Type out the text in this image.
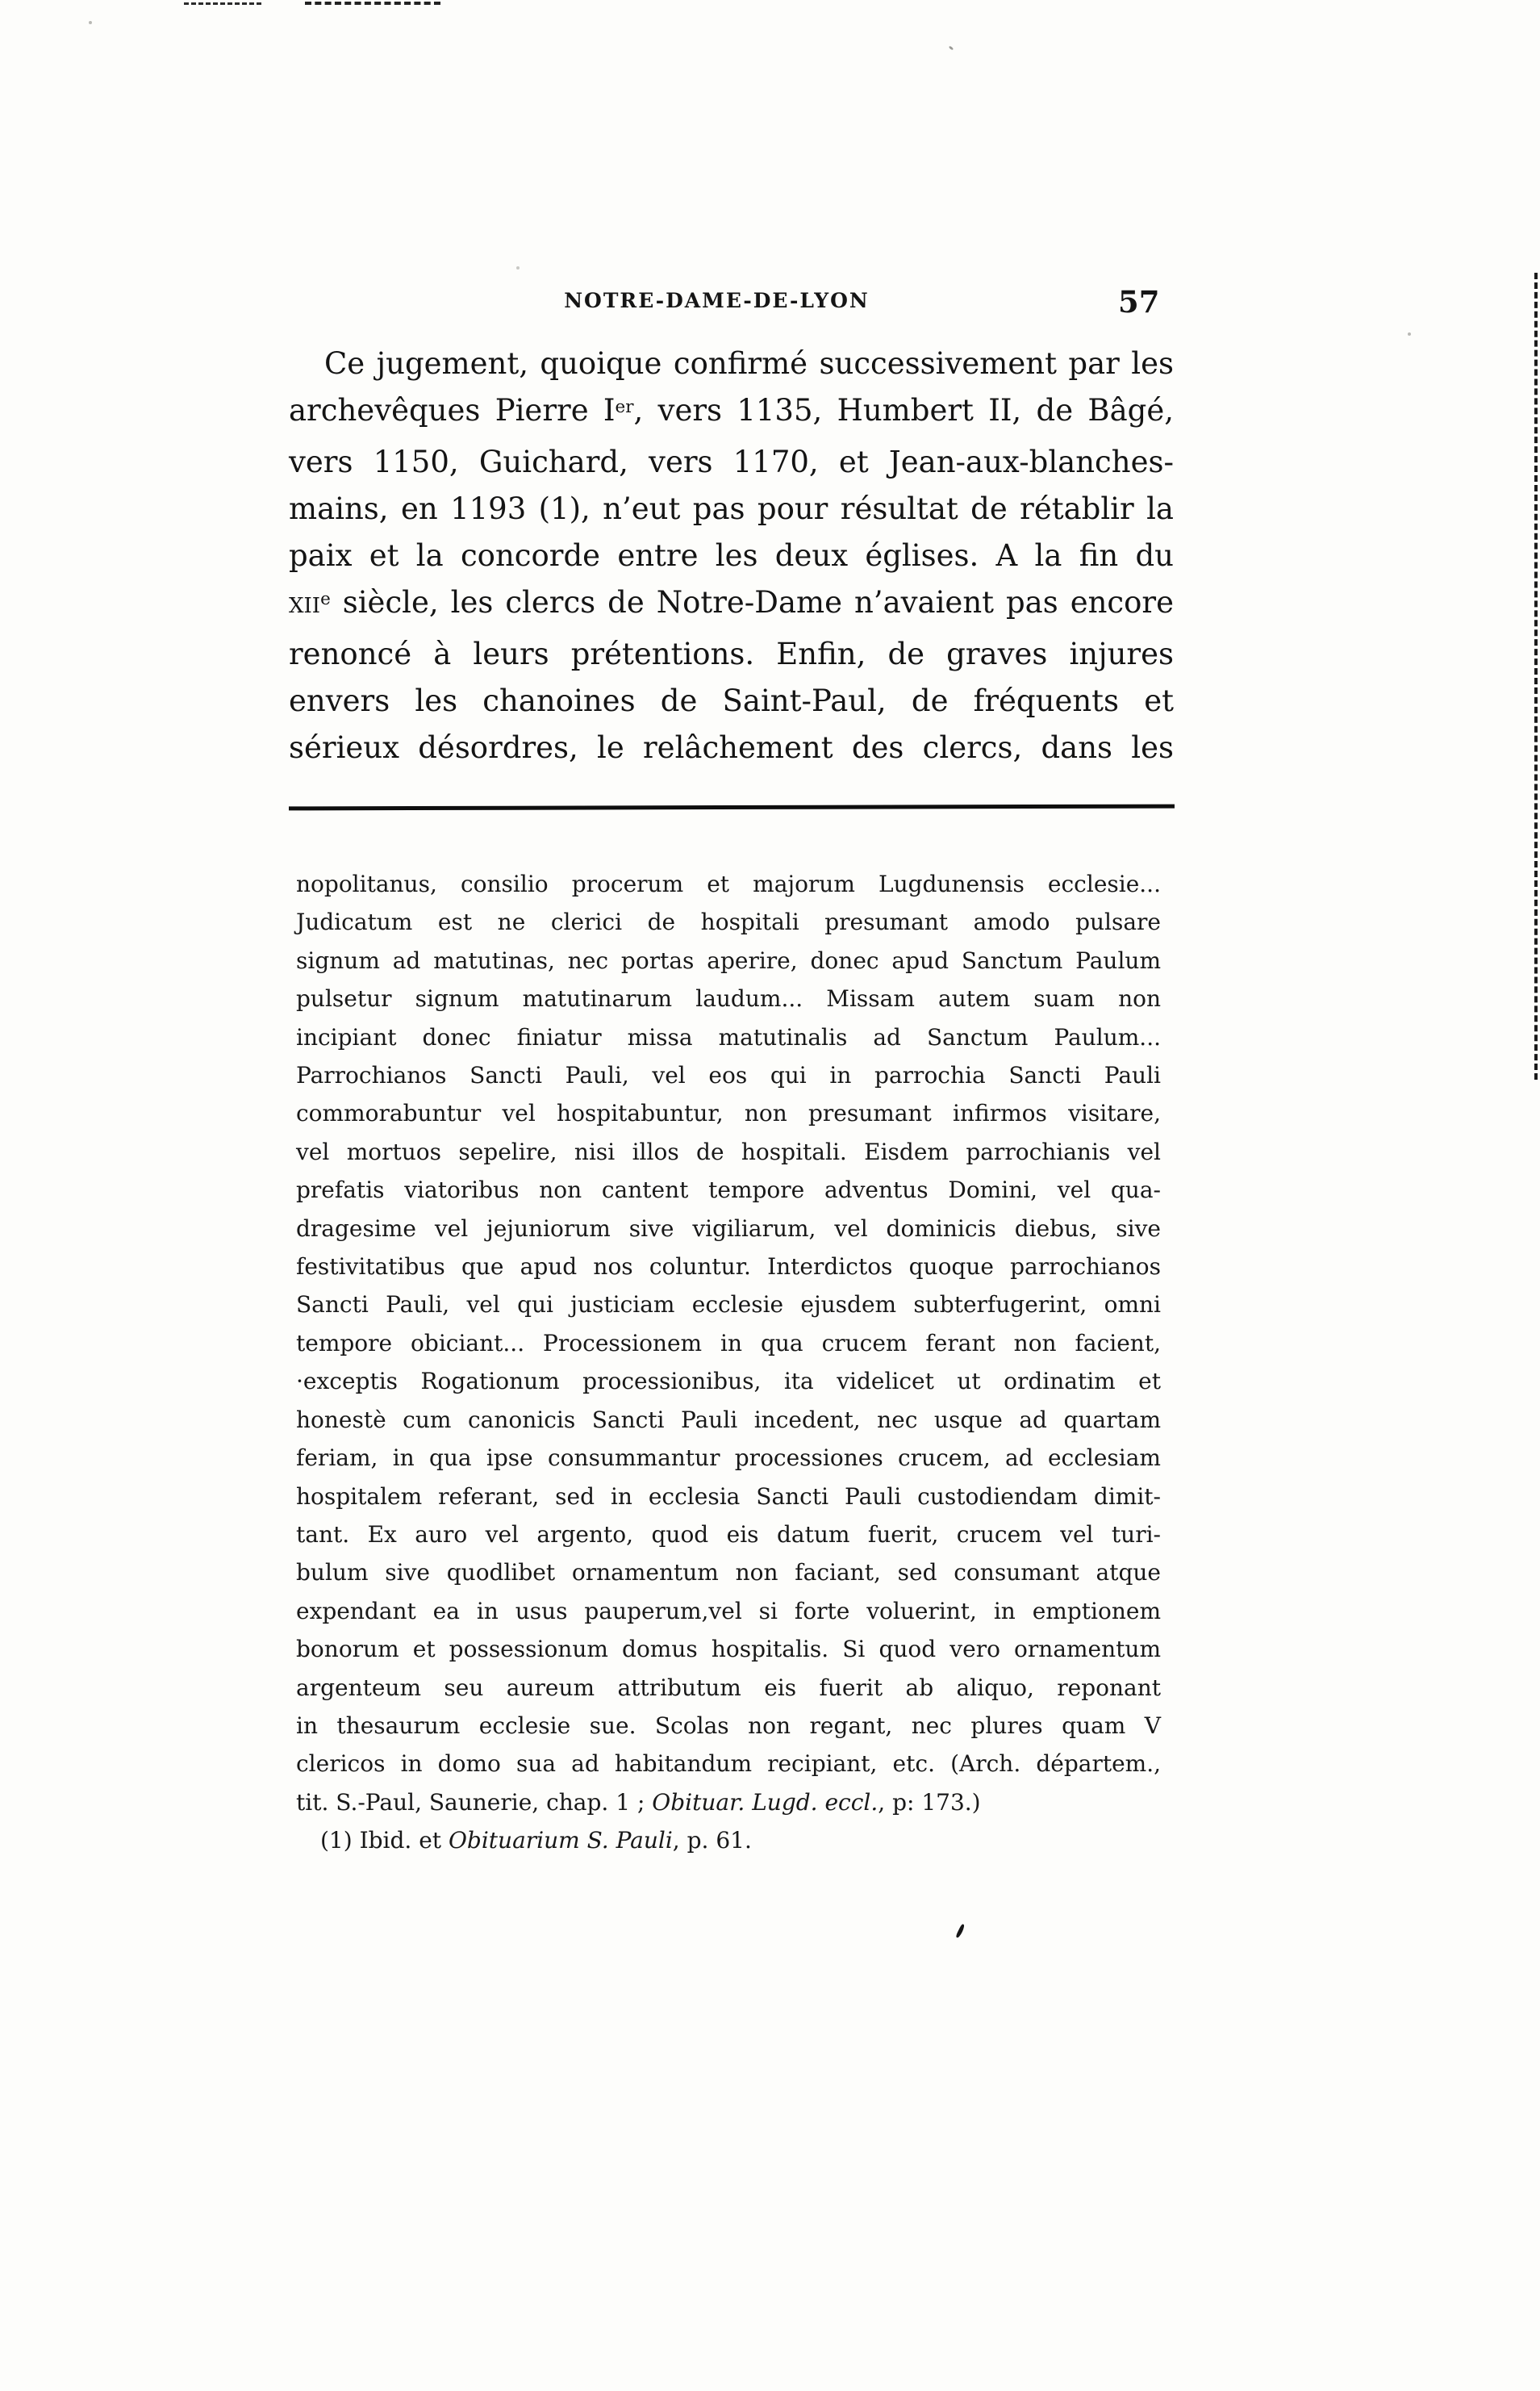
NOTRE-DAME-DE-LYON	57
Ce jugement, quoique confirmé successivement par les
archevêques Pierre Ier, vers 1135, Humbert II, de Bâgé,
vers 1150, Guichard, vers 1170, et Jean-aux-blanches-
mains, en 1193 (1), n’eut pas pour résultat de rétablir la
paix et la concorde entre les deux églises. A la fin du
xii$^e$ siècle, les clercs de Notre-Dame n’avaient pas encore
renoncé à leurs prétentions. Enfin, de graves injures
envers les chanoines de Saint-Paul, de fréquents et
sérieux désordres, le relâchement des clercs, dans les
nopolitanus, consilio procerum et majorum Lugdunensis ecclesie...
Judicatum est ne clerici de hospitali presumant amodo pulsare
signum ad matutinas, nec portas aperire, donec apud Sanctum Paulum
pulsetur signum matutinarum laudum... Missam autem suam non
incipiant donec finiatur missa matutinalis ad Sanctum Paulum...
Parrochianos Sancti Pauli, vel eos qui in parrochia Sancti Pauli
commorabuntur vel hospitabuntur, non presumant infirmos visitare,
vel mortuos sepelire, nisi illos de hospitali. Eisdem parrochianis vel
prefatis viatoribus non cantent tempore adventus Domini, vel qua-
dragesime vel jejuniorum sive vigiliarum, vel dominicis diebus, sive
festivitatibus que apud nos coluntur. Interdictos quoque parrochianos
Sancti Pauli, vel qui justiciam ecclesie ejusdem subterfugerint, omni
tempore obiciant... Processionem in qua crucem ferant non facient,
·exceptis Rogationum processionibus, ita videlicet ut ordinatim et
honestè cum canonicis Sancti Pauli incedent, nec usque ad quartam
feriam, in qua ipse consummantur processiones crucem, ad ecclesiam
hospitalem referant, sed in ecclesia Sancti Pauli custodiendam dimit-
tant. Ex auro vel argento, quod eis datum fuerit, crucem vel turi-
bulum sive quodlibet ornamentum non faciant, sed consumant atque
expendant ea in usus pauperum,vel si forte voluerint, in emptionem
bonorum et possessionum domus hospitalis. Si quod vero ornamentum
argenteum seu aureum attributum eis fuerit ab aliquo, reponant
in thesaurum ecclesie sue. Scolas non regant, nec plures quam V
clericos in domo sua ad habitandum recipiant, etc. (Arch. départem.,
tit. S.-Paul, Saunerie, chap. 1 ; Obituar. Lugd. eccl., p: 173.)
(1) Ibid. et Obituarium S. Pauli, p. 61.
